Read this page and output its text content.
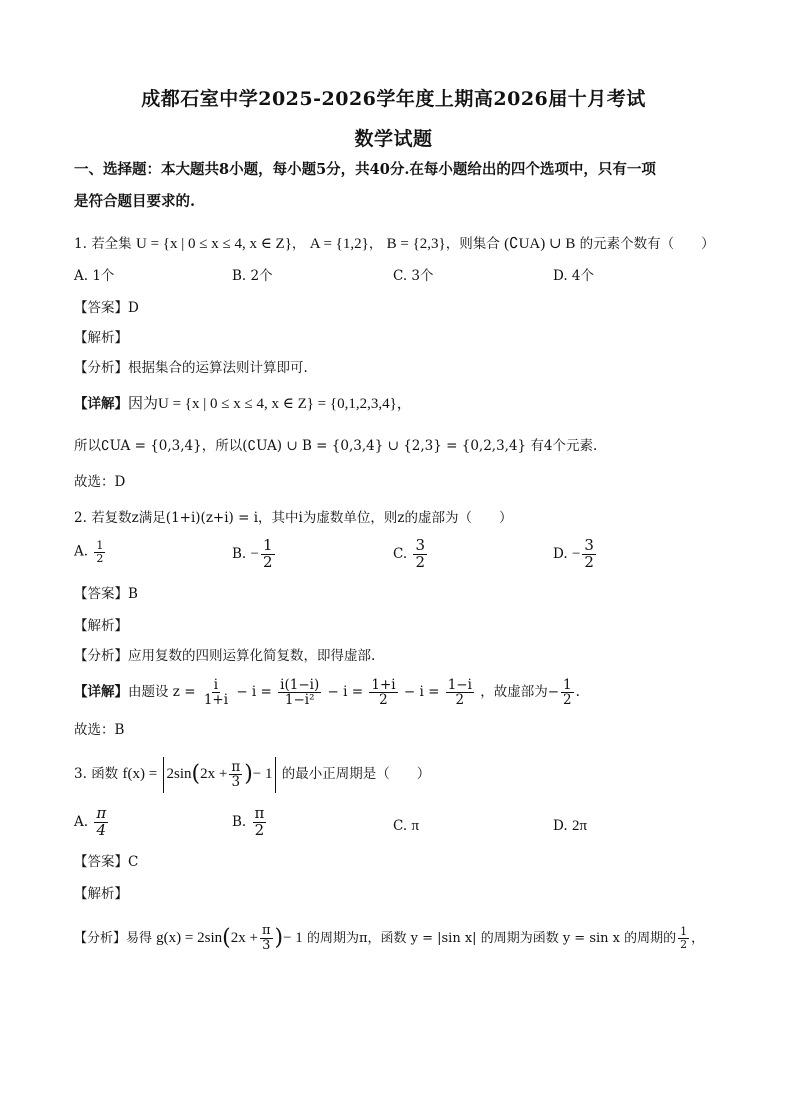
成都石室中学2025-2026学年度上期高2026届十月考试
数学试题
一、选择题：本大题共8小题，每小题5分，共40分.在每小题给出的四个选项中，只有一项
是符合题目要求的.
1. 若全集 U = {x | 0 ≤ x ≤ 4, x ∈ Z}， A = {1,2}， B = {2,3}，则集合 (∁UA) ∪ B 的元素个数有（　　）
A. 1个	B. 2个	C. 3个	D. 4个
【答案】D
【解析】
【分析】根据集合的运算法则计算即可.
【详解】因为U = {x | 0 ≤ x ≤ 4, x ∈ Z} = {0,1,2,3,4}，
所以∁UA = {0,3,4}，所以(∁UA) ∪ B = {0,3,4} ∪ {2,3} = {0,2,3,4} 有4个元素.
故选：D
2. 若复数z满足(1+i)(z+i) = i，其中i为虚数单位，则z的虚部为（　　）
A. $\frac{1}{2}$	B. − $\frac{1}{2}$	C. $\frac{3}{2}$	D. − $\frac{3}{2}$
【答案】B
【解析】
【分析】应用复数的四则运算化简复数，即得虚部.
【详解】由题设 $z = \frac{i}{1+i} - i = \frac{i(1-i)}{\text{1−i²}} - i = \frac{1+i}{2} - i = \frac{1-i}{2}$ ，故虚部为− $\frac{1}{2}$ .
故选：B
3. 函数 $f(x) = 2\sin(2x + \frac{\pi}{3}$ )− 1 的最小正周期是（　　）
A. $\frac{\pi}{4}$	B. $\frac{\pi}{2}$	C. π	D. 2π
【答案】C
【解析】
【分析】易得 $g(x) = 2\sin(2x + \frac{\pi}{3}$ )− 1 的周期为π，函数 y = |sin x| 的周期为函数 y = sin x 的周期的 $\frac{1}{2}$ ，
